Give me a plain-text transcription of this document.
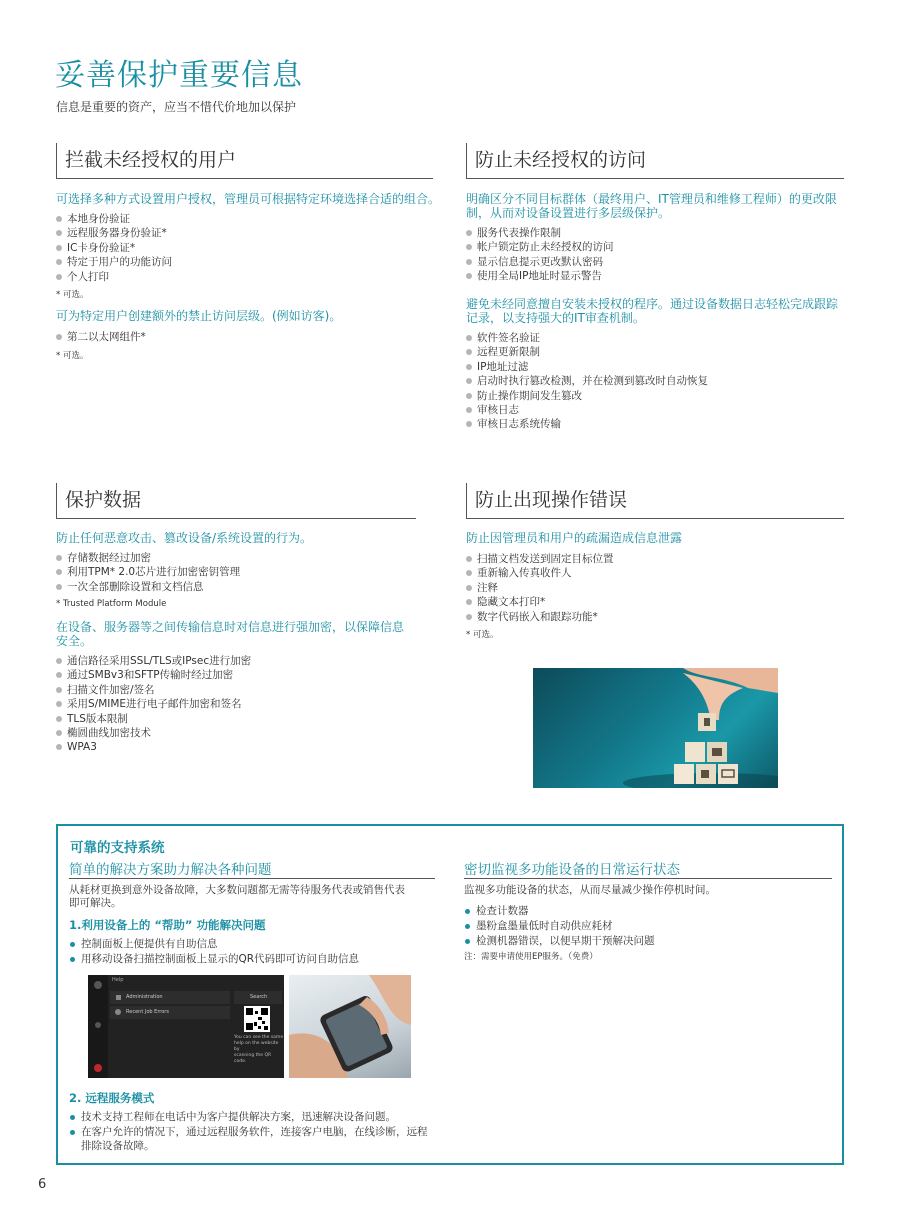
妥善保护重要信息
信息是重要的资产，应当不惜代价地加以保护
拦截未经授权的用户
可选择多种方式设置用户授权，管理员可根据特定环境选择合适的组合。
本地身份验证
远程服务器身份验证*
IC卡身份验证*
特定于用户的功能访问
个人打印
* 可选。
可为特定用户创建额外的禁止访问层级。(例如访客)。
第二以太网组件*
* 可选。
防止未经授权的访问
明确区分不同目标群体（最终用户、IT管理员和维修工程师）的更改限
制，从而对设备设置进行多层级保护。
服务代表操作限制
帐户锁定防止未经授权的访问
显示信息提示更改默认密码
使用全局IP地址时显示警告
避免未经同意擅自安装未授权的程序。通过设备数据日志轻松完成跟踪
记录，以支持强大的IT审查机制。
软件签名验证
远程更新限制
IP地址过滤
启动时执行篡改检测，并在检测到篡改时自动恢复
防止操作期间发生篡改
审核日志
审核日志系统传输
保护数据
防止任何恶意攻击、篡改设备/系统设置的行为。
存储数据经过加密
利用TPM* 2.0芯片进行加密密钥管理
一次全部删除设置和文档信息
* Trusted Platform Module
在设备、服务器等之间传输信息时对信息进行强加密，以保障信息
安全。
通信路径采用SSL/TLS或IPsec进行加密
通过SMBv3和SFTP传输时经过加密
扫描文件加密/签名
采用S/MIME进行电子邮件加密和签名
TLS版本限制
椭圆曲线加密技术
WPA3
防止出现操作错误
防止因管理员和用户的疏漏造成信息泄露
扫描文档发送到固定目标位置
重新输入传真收件人
注释
隐藏文本打印*
数字代码嵌入和跟踪功能*
* 可选。
可靠的支持系统
简单的解决方案助力解决各种问题
从耗材更换到意外设备故障，大多数问题都无需等待服务代表或销售代表
即可解决。
1.利用设备上的 “帮助” 功能解决问题
控制面板上便提供有自助信息
用移动设备扫描控制面板上显示的QR代码即可访问自助信息
Help
Administration
Recent Job Errors
Search
You can see the same
help on the website by
scanning the QR code.
2. 远程服务模式
技术支持工程师在电话中为客户提供解决方案，迅速解决设备问题。
在客户允许的情况下，通过远程服务软件，连接客户电脑，在线诊断，远程
排除设备故障。
密切监视多功能设备的日常运行状态
监视多功能设备的状态，从而尽量减少操作停机时间。
检查计数器
墨粉盒墨量低时自动供应耗材
检测机器错误，以便早期干预解决问题
注：需要申请使用EP服务。（免费）
6
